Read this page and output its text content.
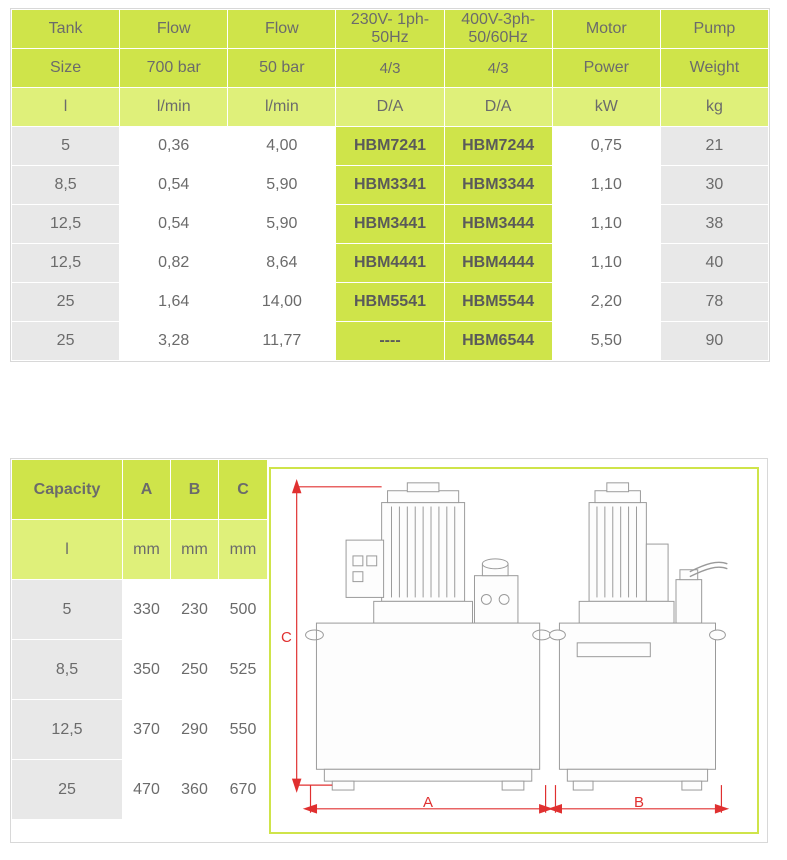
Tank	Flow	Flow	230V- 1ph- 50Hz	400V-3ph-50/60Hz	Motor	Pump
Size	700 bar	50 bar	4/3	4/3	Power	Weight
l	l/min	l/min	D/A	D/A	kW	kg
5	0,36	4,00	HBM7241	HBM7244	0,75	21
8,5	0,54	5,90	HBM3341	HBM3344	1,10	30
12,5	0,54	5,90	HBM3441	HBM3444	1,10	38
12,5	0,82	8,64	HBM4441	HBM4444	1,10	40
25	1,64	14,00	HBM5541	HBM5544	2,20	78
25	3,28	11,77	----	HBM6544	5,50	90
Capacity	A	B	C
l	mm	mm	mm
5	330	230	500
8,5	350	250	525
12,5	370	290	550
25	470	360	670
C
A	B
